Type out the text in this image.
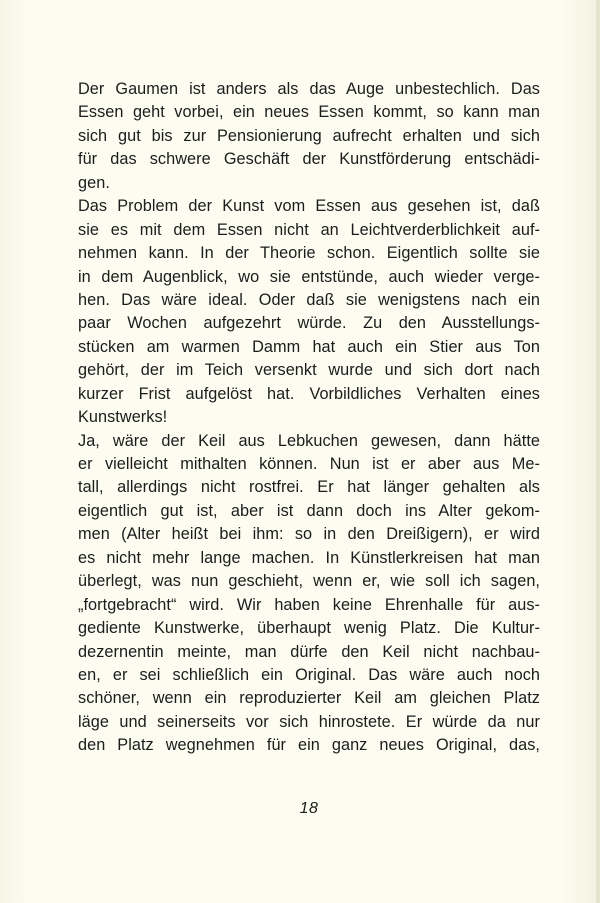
Der Gaumen ist anders als das Auge unbestechlich. Das
Essen geht vorbei, ein neues Essen kommt, so kann man
sich gut bis zur Pensionierung aufrecht erhalten und sich
für das schwere Geschäft der Kunstförderung entschädi-
gen.
Das Problem der Kunst vom Essen aus gesehen ist, daß
sie es mit dem Essen nicht an Leichtverderblichkeit auf-
nehmen kann. In der Theorie schon. Eigentlich sollte sie
in dem Augenblick, wo sie entstünde, auch wieder verge-
hen. Das wäre ideal. Oder daß sie wenigstens nach ein
paar Wochen aufgezehrt würde. Zu den Ausstellungs-
stücken am warmen Damm hat auch ein Stier aus Ton
gehört, der im Teich versenkt wurde und sich dort nach
kurzer Frist aufgelöst hat. Vorbildliches Verhalten eines
Kunstwerks!
Ja, wäre der Keil aus Lebkuchen gewesen, dann hätte
er vielleicht mithalten können. Nun ist er aber aus Me-
tall, allerdings nicht rostfrei. Er hat länger gehalten als
eigentlich gut ist, aber ist dann doch ins Alter gekom-
men (Alter heißt bei ihm: so in den Dreißigern), er wird
es nicht mehr lange machen. In Künstlerkreisen hat man
überlegt, was nun geschieht, wenn er, wie soll ich sagen,
„fortgebracht“ wird. Wir haben keine Ehrenhalle für aus-
gediente Kunstwerke, überhaupt wenig Platz. Die Kultur-
dezernentin meinte, man dürfe den Keil nicht nachbau-
en, er sei schließlich ein Original. Das wäre auch noch
schöner, wenn ein reproduzierter Keil am gleichen Platz
läge und seinerseits vor sich hinrostete. Er würde da nur
den Platz wegnehmen für ein ganz neues Original, das,
18
